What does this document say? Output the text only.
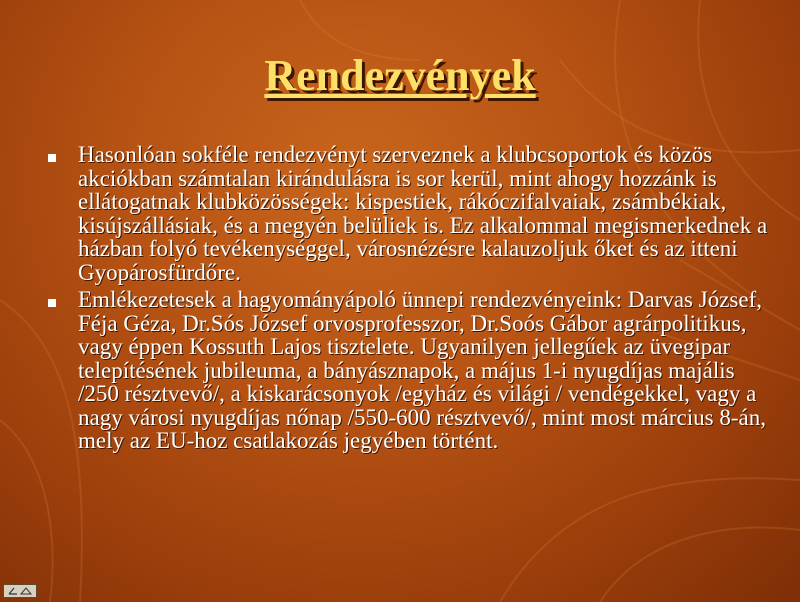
Rendezvények
Hasonlóan sokféle rendezvényt szerveznek a klubcsoportok és közös akciókban számtalan kirándulásra is sor kerül, mint ahogy hozzánk is ellátogatnak klubközösségek: kispestiek, rákóczifalvaiak, zsámbékiak, kisújszállásiak, és a megyén belüliek is. Ez alkalommal megismerkednek a házban folyó tevékenységgel, városnézésre kalauzoljuk őket és az itteni Gyopárosfürdőre.
Emlékezetesek a hagyományápoló ünnepi rendezvényeink: Darvas József, Féja Géza, Dr.Sós József orvosprofesszor, Dr.Soós Gábor agrárpolitikus, vagy éppen Kossuth Lajos tisztelete. Ugyanilyen jellegűek az üvegipar telepítésének jubileuma, a bányásznapok, a május 1-i nyugdíjas majális /250 résztvevő/, a kiskarácsonyok /egyház és világi / vendégekkel, vagy a nagy városi nyugdíjas nőnap /550-600 résztvevő/, mint most március 8-án, mely az EU-hoz csatlakozás jegyében történt.
